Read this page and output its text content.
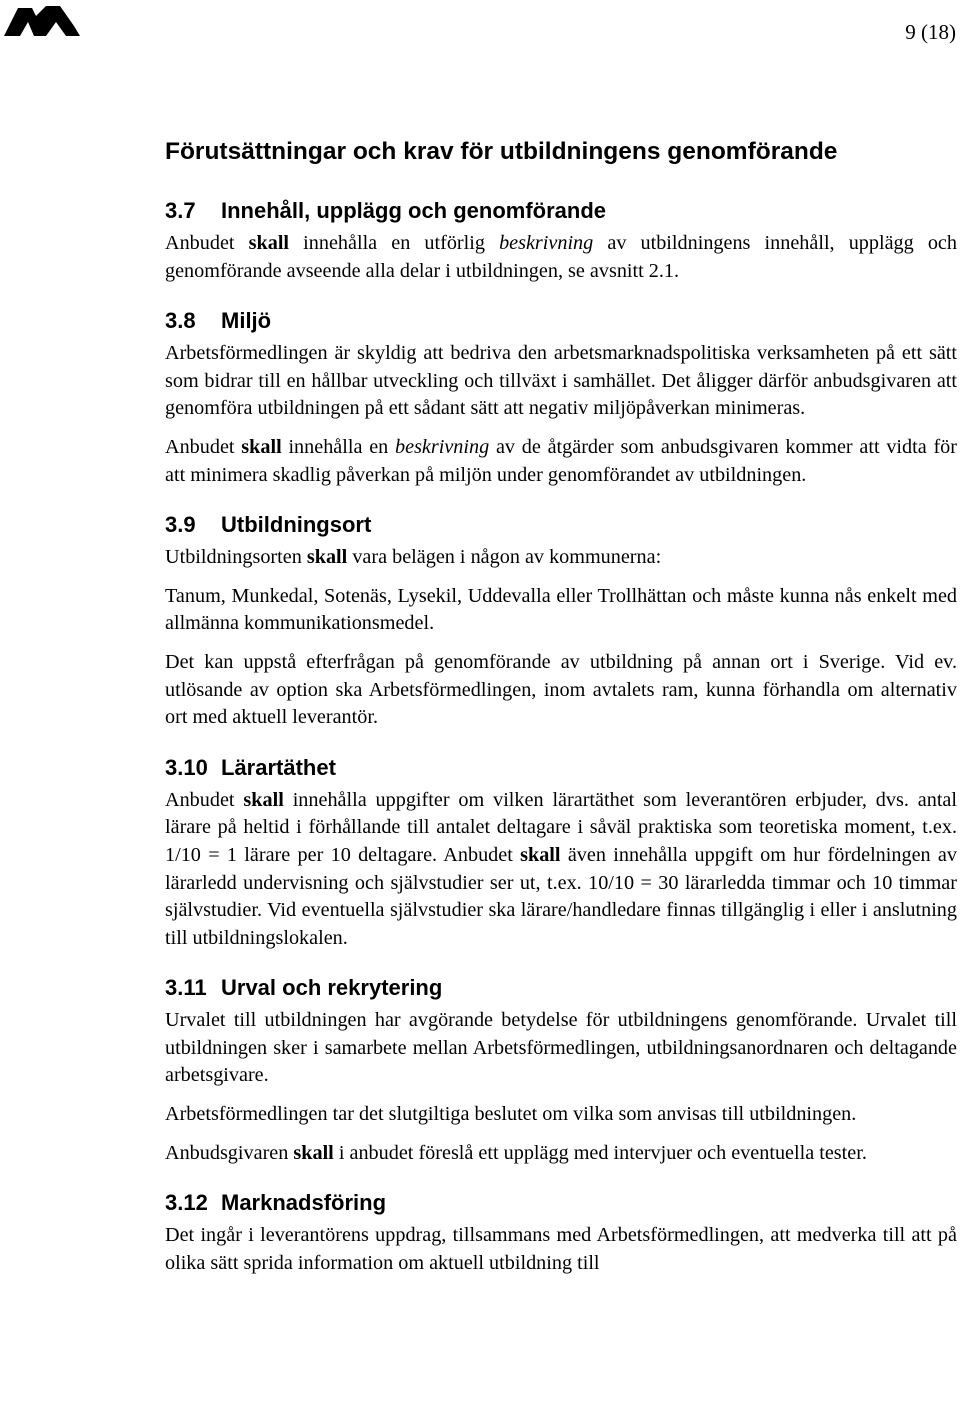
9 (18)
Förutsättningar och krav för utbildningens genomförande
3.7 Innehåll, upplägg och genomförande

Anbudet skall innehålla en utförlig beskrivning av utbildningens innehåll, upplägg och genomförande avseende alla delar i utbildningen, se avsnitt 2.1.

3.8 Miljö

Arbetsförmedlingen är skyldig att bedriva den arbetsmarknadspolitiska verksamheten på ett sätt som bidrar till en hållbar utveckling och tillväxt i samhället. Det åligger därför anbudsgivaren att genomföra utbildningen på ett sådant sätt att negativ miljöpåverkan minimeras.

Anbudet skall innehålla en beskrivning av de åtgärder som anbudsgivaren kommer att vidta för att minimera skadlig påverkan på miljön under genomförandet av utbildningen.

3.9 Utbildningsort

Utbildningsorten skall vara belägen i någon av kommunerna:

Tanum, Munkedal, Sotenäs, Lysekil, Uddevalla eller Trollhättan och måste kunna nås enkelt med allmänna kommunikationsmedel.

Det kan uppstå efterfrågan på genomförande av utbildning på annan ort i Sverige. Vid ev. utlösande av option ska Arbetsförmedlingen, inom avtalets ram, kunna förhandla om alternativ ort med aktuell leverantör.

3.10 Lärartäthet

Anbudet skall innehålla uppgifter om vilken lärartäthet som leverantören erbjuder, dvs. antal lärare på heltid i förhållande till antalet deltagare i såväl praktiska som teoretiska moment, t.ex. 1/10 = 1 lärare per 10 deltagare. Anbudet skall även innehålla uppgift om hur fördelningen av lärarledd undervisning och självstudier ser ut, t.ex. 10/10 = 30 lärarledda timmar och 10 timmar självstudier. Vid eventuella självstudier ska lärare/handledare finnas tillgänglig i eller i anslutning till utbildningslokalen.

3.11 Urval och rekrytering

Urvalet till utbildningen har avgörande betydelse för utbildningens genomförande. Urvalet till utbildningen sker i samarbete mellan Arbetsförmedlingen, utbildningsanordnaren och deltagande arbetsgivare.

Arbetsförmedlingen tar det slutgiltiga beslutet om vilka som anvisas till utbildningen.

Anbudsgivaren skall i anbudet föreslå ett upplägg med intervjuer och eventuella tester.

3.12 Marknadsföring

Det ingår i leverantörens uppdrag, tillsammans med Arbetsförmedlingen, att medverka till att på olika sätt sprida information om aktuell utbildning till
